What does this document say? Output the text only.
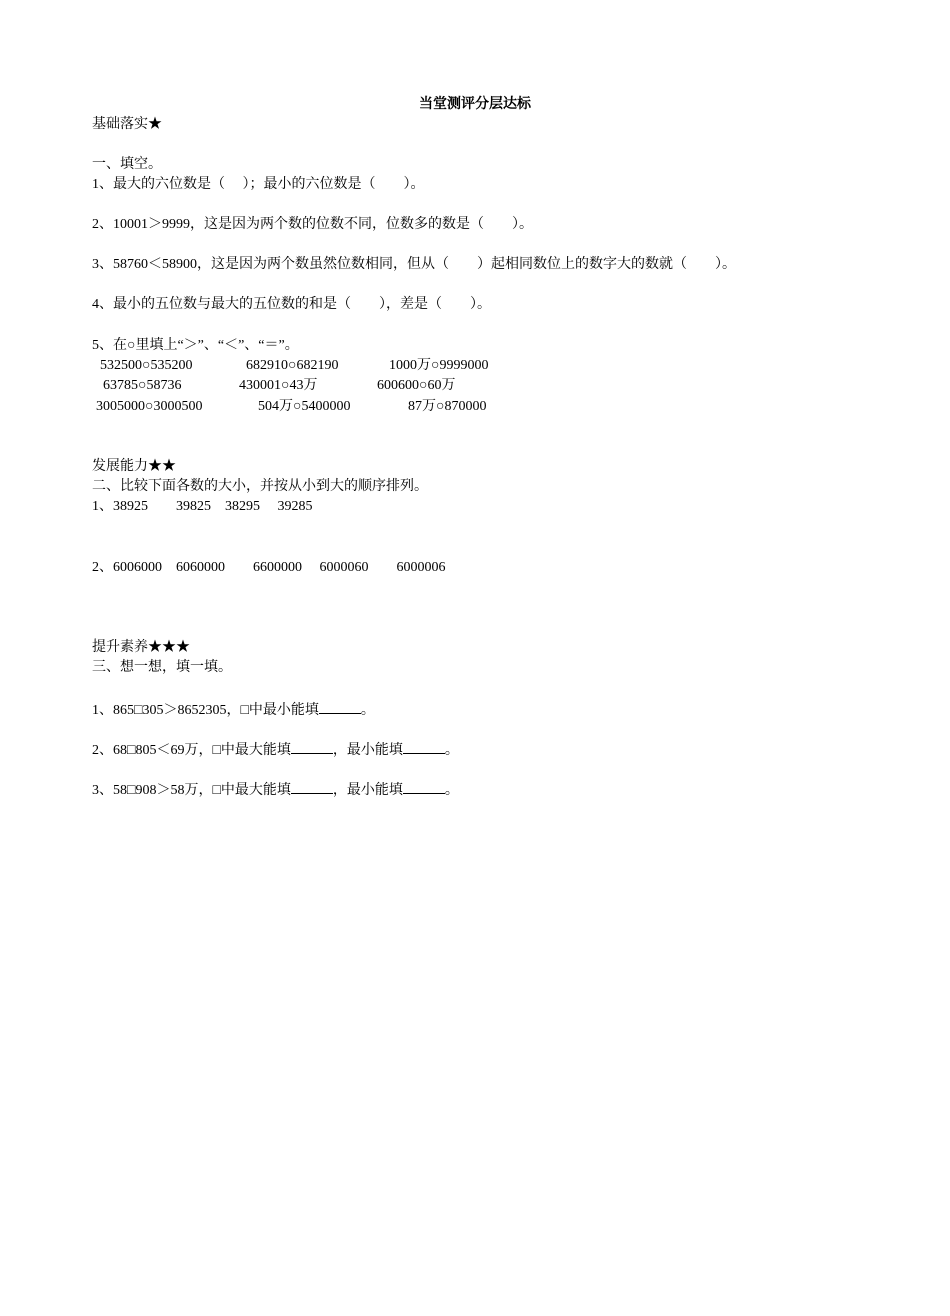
当堂测评分层达标
基础落实★
一、填空。
1、最大的六位数是（　 ）；最小的六位数是（　　）。
2、10001＞9999，这是因为两个数的位数不同，位数多的数是（　　）。
3、58760＜58900，这是因为两个数虽然位数相同，但从（　　）起相同数位上的数字大的数就（　　）。
4、最小的五位数与最大的五位数的和是（　　），差是（　　）。
5、在○里填上“＞”、“＜”、“＝”。
532500○535200	682910○682190	1000万○9999000
63785○58736	430001○43万	600600○60万
3005000○3000500	504万○5400000	87万○870000
发展能力★★
二、比较下面各数的大小，并按从小到大的顺序排列。
1、38925　　39825　38295　 39285
2、6006000　6060000　　6600000　 6000060　　6000006
提升素养★★★
三、想一想，填一填。
1、865□305＞8652305，□中最小能填	。
2、68□805＜69万，□中最大能填	，最小能填	。
3、58□908＞58万，□中最大能填	，最小能填	。
